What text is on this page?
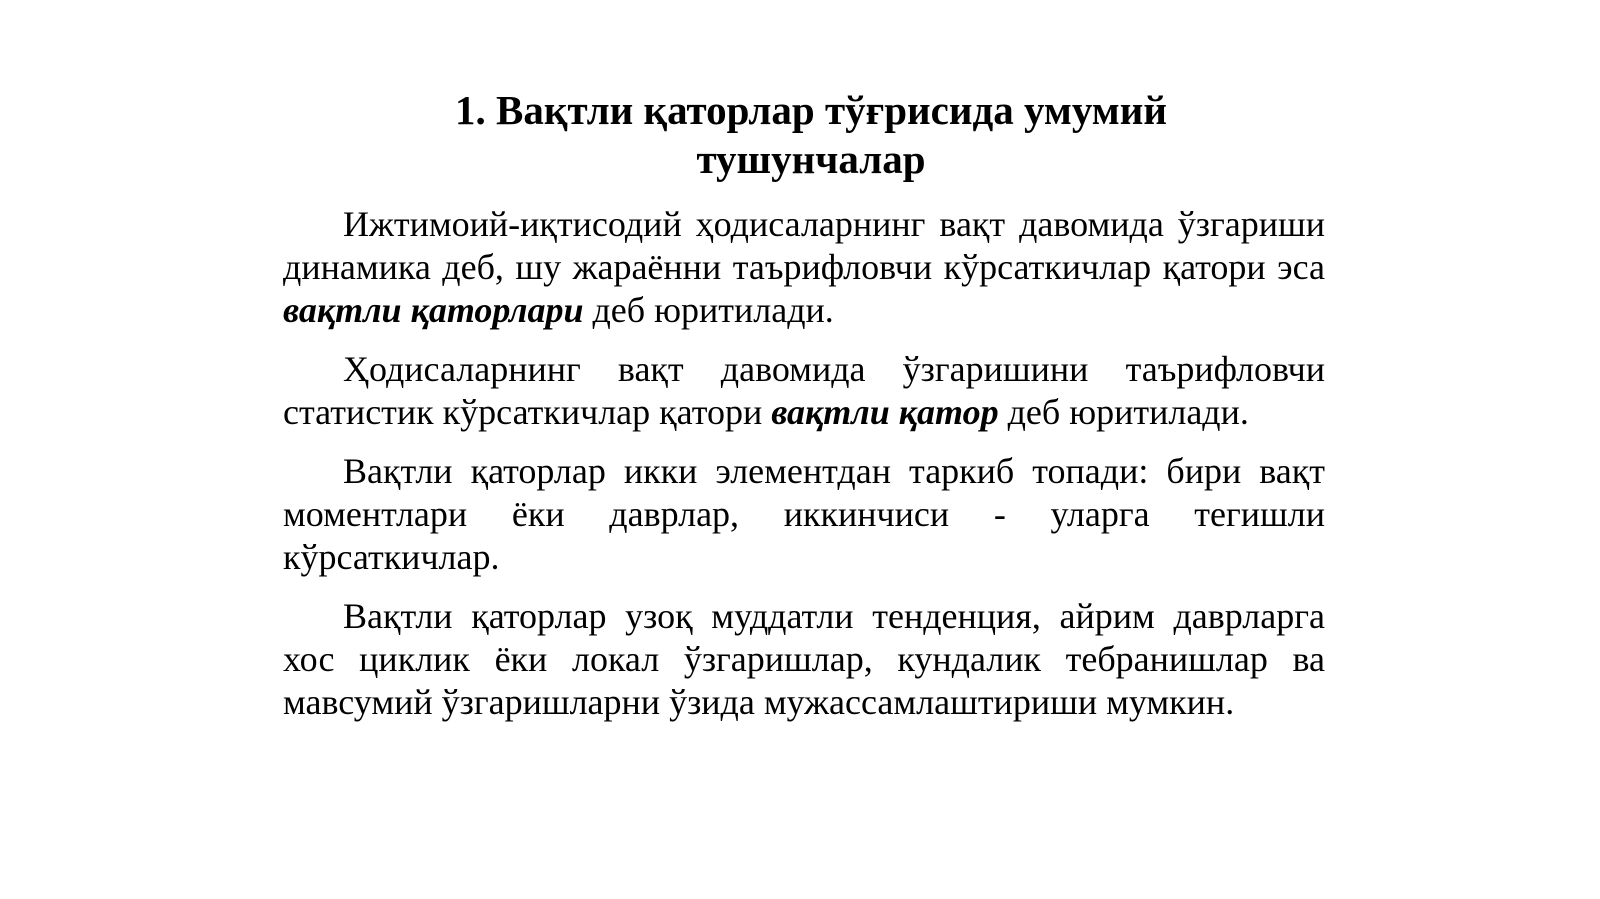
1. Вақтли қаторлар тўғрисида умумий
тушунчалар

Ижтимоий-иқтисодий ҳодисаларнинг вақт давомида ўзгариши динамика деб, шу жараённи таърифловчи кўрсаткичлар қатори эса вақтли қаторлари деб юритилади.

Ҳодисаларнинг вақт давомида ўзгаришини таърифловчи статистик кўрсаткичлар қатори вақтли қатор деб юритилади.

Вақтли қаторлар икки элементдан таркиб топади: бири вақт моментлари ёки даврлар, иккинчиси - уларга тегишли кўрсаткичлар.

Вақтли қаторлар узоқ муддатли тенденция, айрим даврларга хос циклик ёки локал ўзгаришлар, кундалик тебранишлар ва мавсумий ўзгаришларни ўзида мужассамлаштириши мумкин.
